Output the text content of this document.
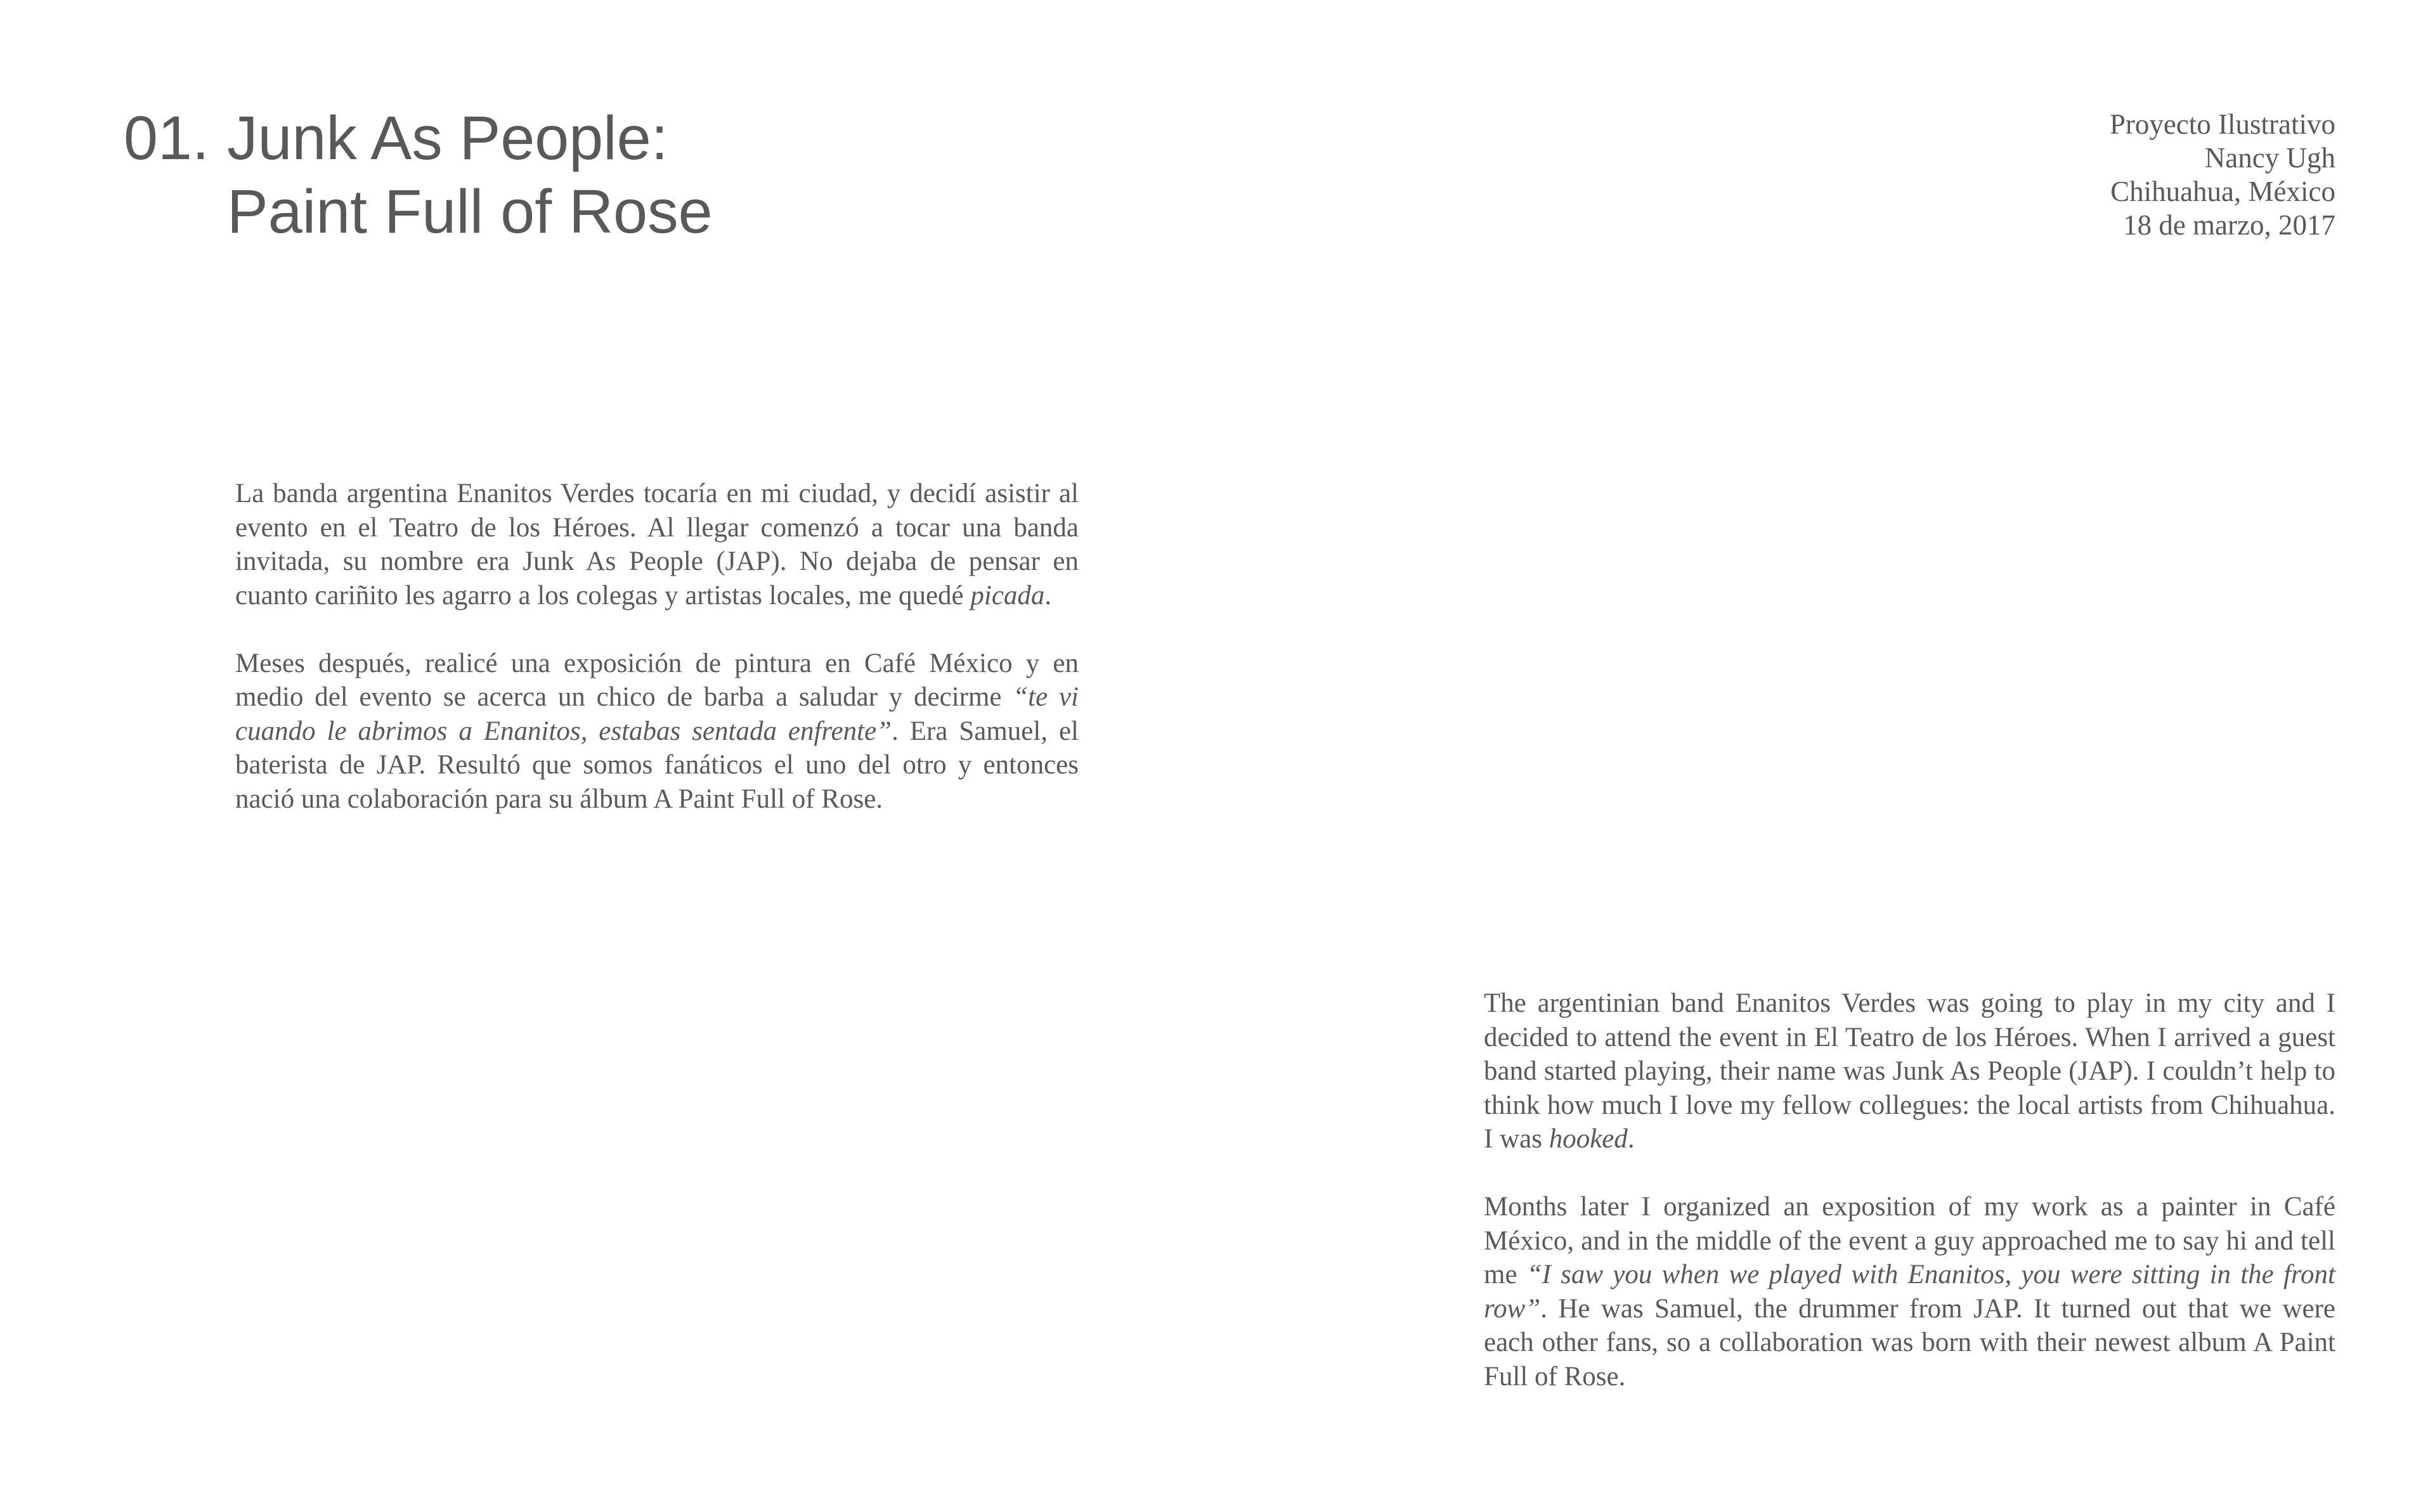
01. Junk As People:
Paint Full of Rose
Proyecto Ilustrativo
Nancy Ugh
Chihuahua, México
18 de marzo, 2017

La banda argentina Enanitos Verdes tocaría en mi ciudad, y decidí asistir al evento en el Teatro de los Héroes. Al llegar comenzó a tocar una banda invitada, su nombre era Junk As People (JAP). No dejaba de pensar en cuanto cariñito les agarro a los colegas y artistas locales, me quedé picada.

Meses después, realicé una exposición de pintura en Café México y en medio del evento se acerca un chico de barba a saludar y decirme “te vi cuando le abrimos a Enanitos, estabas sentada enfrente”. Era Samuel, el baterista de JAP. Resultó que somos fanáticos el uno del otro y entonces nació una colaboración para su álbum A Paint Full of Rose.

The argentinian band Enanitos Verdes was going to play in my city and I decided to attend the event in El Teatro de los Héroes. When I arrived a guest band started playing, their name was Junk As People (JAP). I couldn’t help to think how much I love my fellow collegues: the local artists from Chihuahua. I was hooked.

Months later I organized an exposition of my work as a painter in Café México, and in the middle of the event a guy approached me to say hi and tell me “I saw you when we played with Enanitos, you were sitting in the front row”. He was Samuel, the drummer from JAP. It turned out that we were each other fans, so a collaboration was born with their newest album A Paint Full of Rose.
